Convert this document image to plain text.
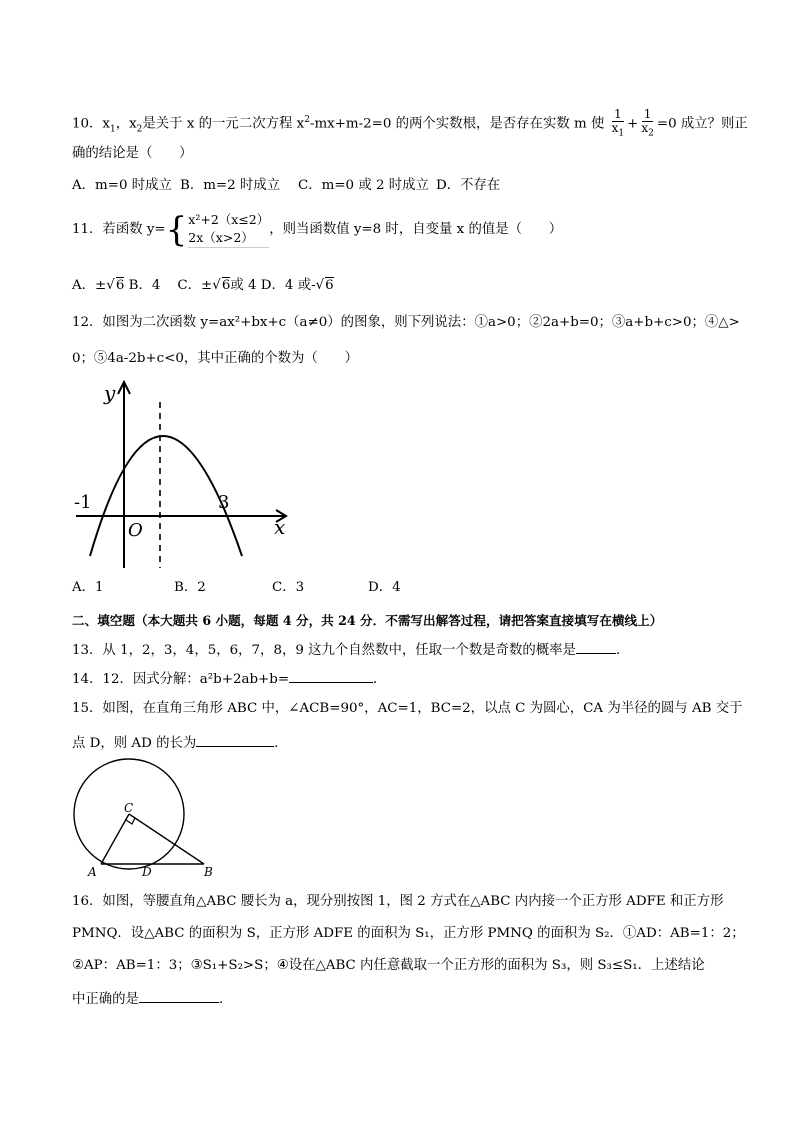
10．$x_1$，$x_2$是关于 x 的一元二次方程 $x^2-mx+m-2=0$ 的两个实数根，是否存在实数 m 使 $\frac{1}{x_1} + \frac{1}{x_2} =0$ 成立？则正
确的结论是（　　）
A．m=0 时成立 B．m=2 时成立 C．m=0 或 2 时成立 D．不存在
11．若函数 y= { x²+2（x≤2）
2x（x>2）
，则当函数值 y=8 时，自变量 x 的值是（　　）
A．±√6 B．4 C．±√6或 4 D．4 或-√6
12．如图为二次函数 y=ax²+bx+c（a≠0）的图象，则下列说法：①a>0；②2a+b=0；③a+b+c>0；④△>
0；⑤4a-2b+c<0，其中正确的个数为（　　）
y
x
O
-1	3
A．1	B．2	C．3	D．4
二、填空题（本大题共 6 小题，每题 4 分，共 24 分．不需写出解答过程，请把答案直接填写在横线上）
13．从 1，2，3，4，5，6，7，8，9 这九个自然数中，任取一个数是奇数的概率是	．
14．12．因式分解：a²b+2ab+b=	．
15．如图，在直角三角形 ABC 中，∠ACB=90°，AC=1，BC=2，以点 C 为圆心，CA 为半径的圆与 AB 交于
点 D，则 AD 的长为	．
C
A	D	B
16．如图，等腰直角△ABC 腰长为 a，现分别按图 1，图 2 方式在△ABC 内内接一个正方形 ADFE 和正方形
PMNQ．设△ABC 的面积为 S，正方形 ADFE 的面积为 S₁，正方形 PMNQ 的面积为 S₂．①AD：AB=1：2；
②AP：AB=1：3；③S₁+S₂>S；④设在△ABC 内任意截取一个正方形的面积为 S₃，则 S₃≤S₁．上述结论
中正确的是	．
